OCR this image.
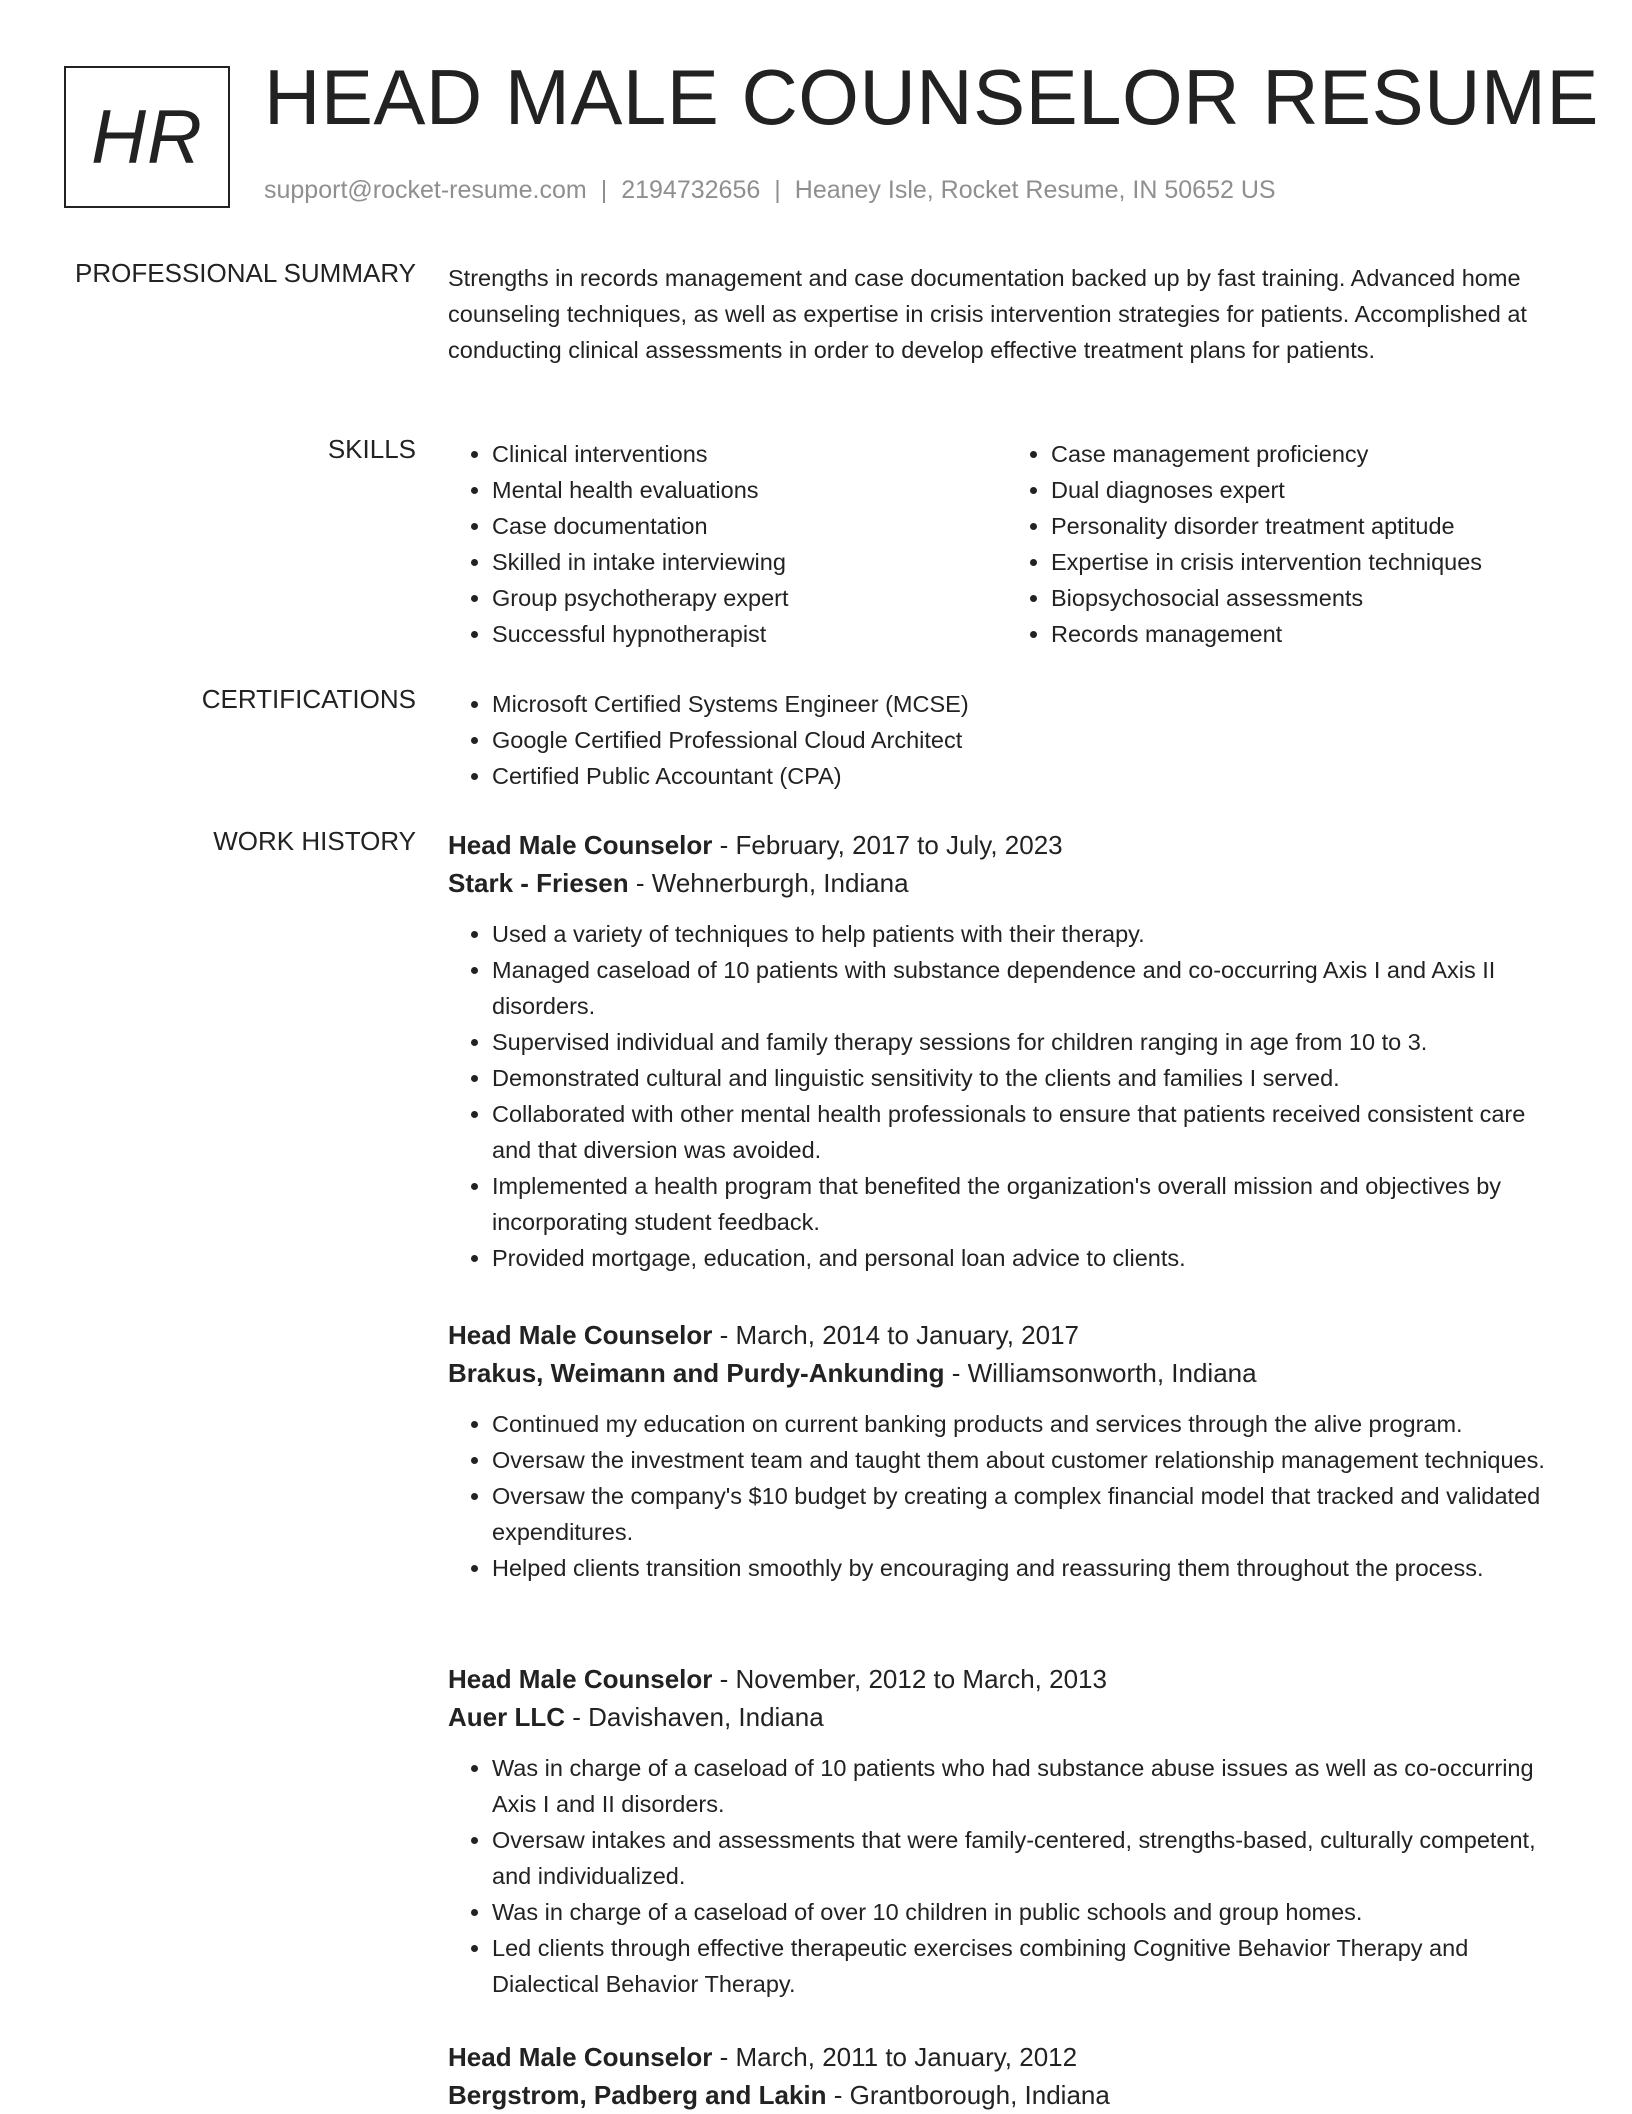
HR HEAD MALE COUNSELOR RESUME
support@rocket-resume.com | 2194732656 | Heaney Isle, Rocket Resume, IN 50652 US
PROFESSIONAL SUMMARY Strengths in records management and case documentation backed up by fast training. Advanced home counseling techniques, as well as expertise in crisis intervention strategies for patients. Accomplished at conducting clinical assessments in order to develop effective treatment plans for patients.

SKILLS	• Clinical interventions
• Mental health evaluations
• Case documentation
• Skilled in intake interviewing
• Group psychotherapy expert
• Successful hypnotherapist
• Case management proficiency
• Dual diagnoses expert
• Personality disorder treatment aptitude
• Expertise in crisis intervention techniques
• Biopsychosocial assessments
• Records management
CERTIFICATIONS	• Microsoft Certified Systems Engineer (MCSE)
• Google Certified Professional Cloud Architect
• Certified Public Accountant (CPA)
WORK HISTORY Head Male Counselor - February, 2017 to July, 2023
Stark - Friesen - Wehnerburgh, Indiana
• Used a variety of techniques to help patients with their therapy.
• Managed caseload of 10 patients with substance dependence and co-occurring Axis I and Axis II disorders.
• Supervised individual and family therapy sessions for children ranging in age from 10 to 3.
• Demonstrated cultural and linguistic sensitivity to the clients and families I served.
• Collaborated with other mental health professionals to ensure that patients received consistent care and that diversion was avoided.
• Implemented a health program that benefited the organization's overall mission and objectives by incorporating student feedback.
• Provided mortgage, education, and personal loan advice to clients.
Head Male Counselor - March, 2014 to January, 2017
Brakus, Weimann and Purdy-Ankunding - Williamsonworth, Indiana
• Continued my education on current banking products and services through the alive program.
• Oversaw the investment team and taught them about customer relationship management techniques.
• Oversaw the company's $10 budget by creating a complex financial model that tracked and validated expenditures.
• Helped clients transition smoothly by encouraging and reassuring them throughout the process.
Head Male Counselor - November, 2012 to March, 2013
Auer LLC - Davishaven, Indiana
• Was in charge of a caseload of 10 patients who had substance abuse issues as well as co-occurring Axis I and II disorders.
• Oversaw intakes and assessments that were family-centered, strengths-based, culturally competent, and individualized.
• Was in charge of a caseload of over 10 children in public schools and group homes.
• Led clients through effective therapeutic exercises combining Cognitive Behavior Therapy and Dialectical Behavior Therapy.
Head Male Counselor - March, 2011 to January, 2012
Bergstrom, Padberg and Lakin - Grantborough, Indiana
